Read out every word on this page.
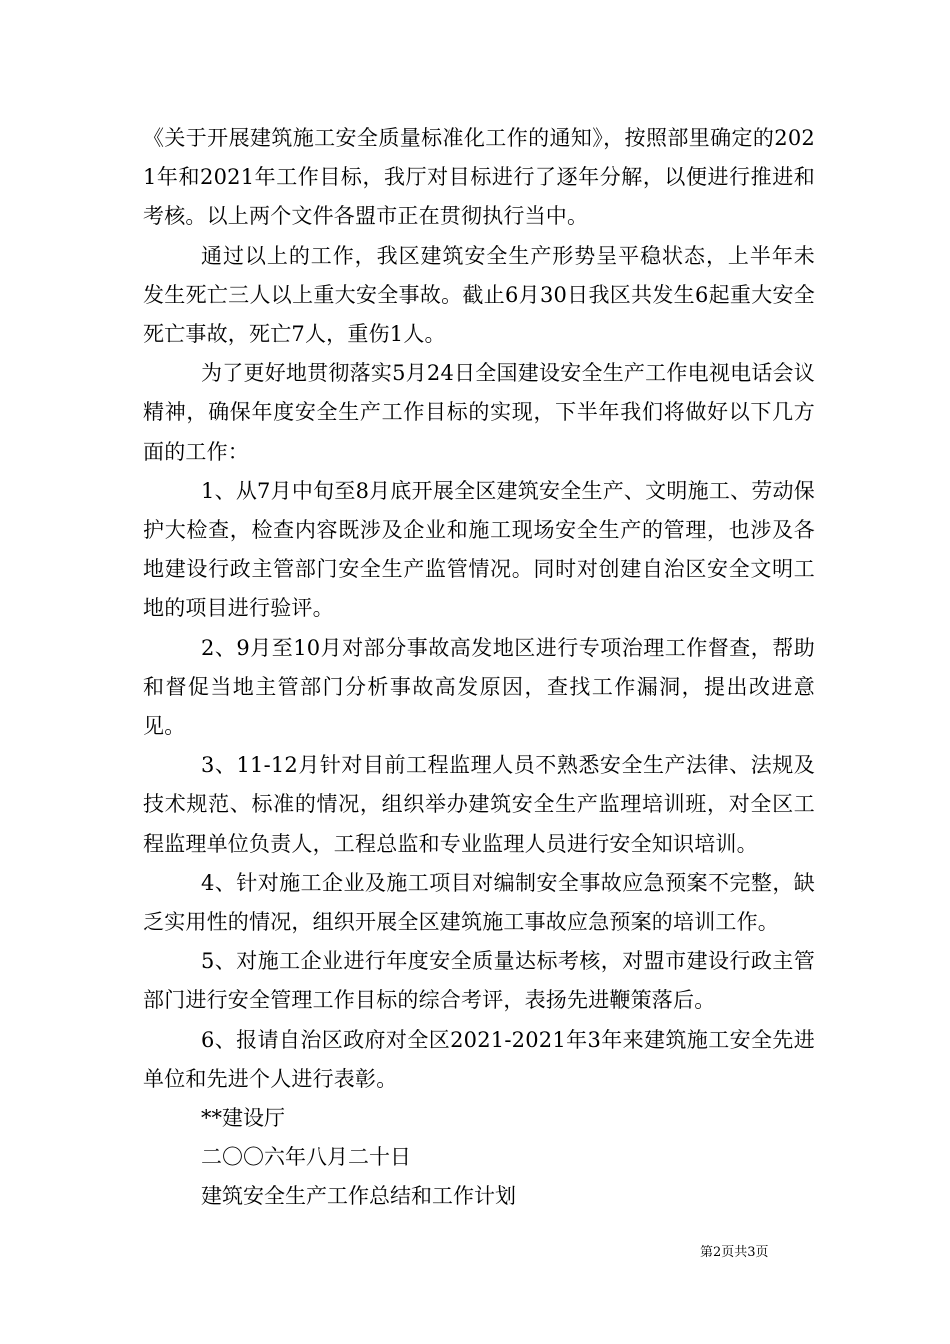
《关于开展建筑施工安全质量标准化工作的通知》，按照部里确定的2021年和2021年工作目标，我厅对目标进行了逐年分解，以便进行推进和考核。以上两个文件各盟市正在贯彻执行当中。

通过以上的工作，我区建筑安全生产形势呈平稳状态，上半年未发生死亡三人以上重大安全事故。截止6月30日我区共发生6起重大安全死亡事故，死亡7人，重伤1人。

为了更好地贯彻落实5月24日全国建设安全生产工作电视电话会议精神，确保年度安全生产工作目标的实现，下半年我们将做好以下几方面的工作：

1、从7月中旬至8月底开展全区建筑安全生产、文明施工、劳动保护大检查，检查内容既涉及企业和施工现场安全生产的管理，也涉及各地建设行政主管部门安全生产监管情况。同时对创建自治区安全文明工地的项目进行验评。

2、9月至10月对部分事故高发地区进行专项治理工作督查，帮助和督促当地主管部门分析事故高发原因，查找工作漏洞，提出改进意见。

3、11-12月针对目前工程监理人员不熟悉安全生产法律、法规及技术规范、标准的情况，组织举办建筑安全生产监理培训班，对全区工程监理单位负责人，工程总监和专业监理人员进行安全知识培训。

4、针对施工企业及施工项目对编制安全事故应急预案不完整，缺乏实用性的情况，组织开展全区建筑施工事故应急预案的培训工作。

5、对施工企业进行年度安全质量达标考核，对盟市建设行政主管部门进行安全管理工作目标的综合考评，表扬先进鞭策落后。

6、报请自治区政府对全区2021-2021年3年来建筑施工安全先进单位和先进个人进行表彰。

**建设厅

二〇〇六年八月二十日

建筑安全生产工作总结和工作计划

第2页共3页
